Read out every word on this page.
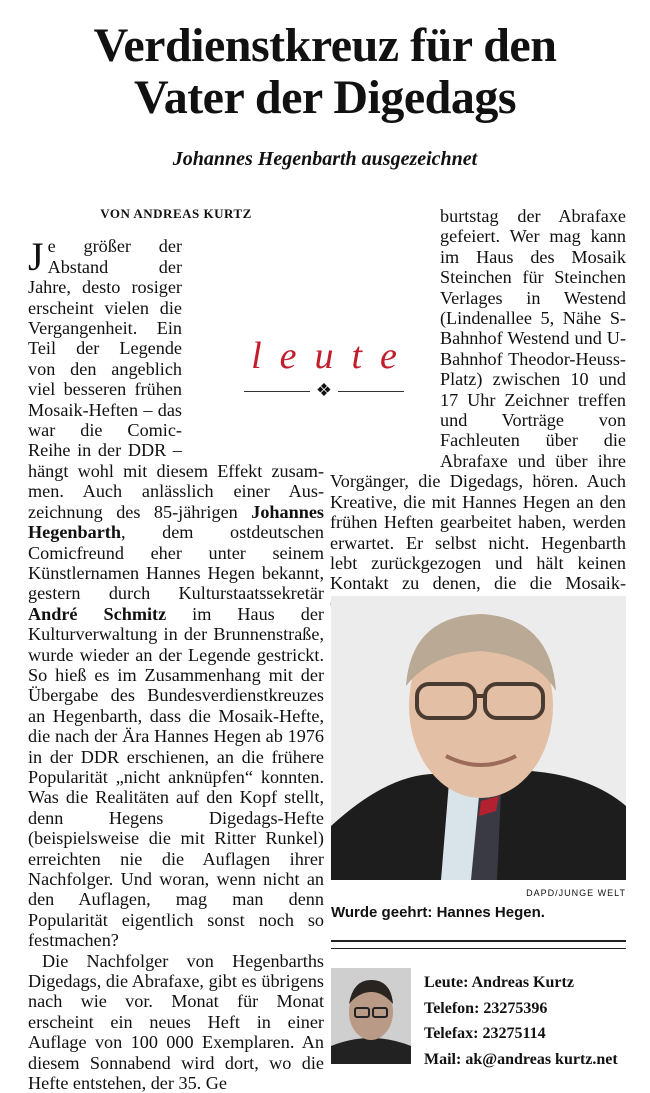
Verdienstkreuz für den
Vater der Digedags
Johannes Hegenbarth ausgezeichnet
VON ANDREAS KURTZ

Je größer der Abstand der Jahre, desto rosiger erscheint vielen die Vergangenheit. Ein Teil der Legende von den angeblich viel besseren frühen Mosaik-Heften – das war die Comic-Reihe in der DDR – hängt wohl mit diesem Effekt zusammen. Auch anlässlich einer Auszeichnung des 85-jährigen Johannes Hegenbarth, dem ostdeutschen Comicfreund eher unter seinem Künstlernamen Hannes Hegen bekannt, gestern durch Kulturstaatssekretär André Schmitz im Haus der Kulturverwaltung in der Brunnenstraße, wurde wieder an der Legende gestrickt. So hieß es im Zusammenhang mit der Übergabe des Bundesverdienstkreuzes an Hegenbarth, dass die Mosaik-Hefte, die nach der Ära Hannes Hegen ab 1976 in der DDR erschienen, an die frühere Popularität „nicht anknüpfen“ konnten. Was die Realitäten auf den Kopf stellt, denn Hegens Digedags-Hefte (beispielsweise die mit Ritter Runkel) erreichten nie die Auflagen ihrer Nachfolger. Und woran, wenn nicht an den Auflagen, mag man denn Popularität eigentlich sonst noch so festmachen?

Die Nachfolger von Hegenbarths Digedags, die Abrafaxe, gibt es übrigens nach wie vor. Monat für Monat erscheint ein neues Heft in einer Auflage von 100 000 Exemplaren. An diesem Sonnabend wird dort, wo die Hefte entstehen, der 35. Ge

burtstag der Abrafaxe gefeiert. Wer mag kann im Haus des Mosaik Steinchen für Steinchen Verlages in Westend (Lindenallee 5, Nähe S-Bahnhof Westend und U-Bahnhof Theodor-Heuss-Platz) zwischen 10 und 17 Uhr Zeichner treffen und Vorträge von Fachleuten über die Abrafaxe und über ihre Vorgänger, die Digedags, hören. Auch Kreative, die mit Hannes Hegen an den frühen Heften gearbeitet haben, werden erwartet. Er selbst nicht. Hegenbarth lebt zurückgezogen und hält keinen Kontakt zu denen, die die Mosaik-

leute
❖
DAPD/JUNGE WELT
Wurde geehrt: Hannes Hegen.
Leute: Andreas Kurtz
Telefon: 23275396
Telefax: 23275114
Mail: ak@andreas kurtz.net
